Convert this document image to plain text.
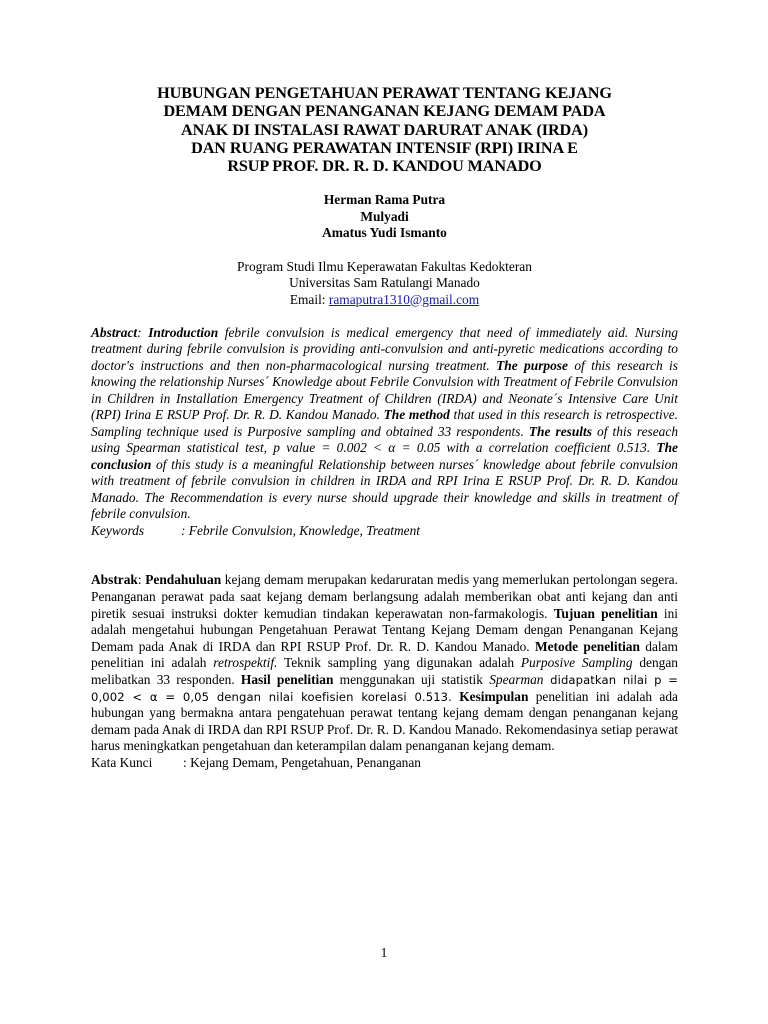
HUBUNGAN PENGETAHUAN PERAWAT TENTANG KEJANG
DEMAM DENGAN PENANGANAN KEJANG DEMAM PADA
ANAK DI INSTALASI RAWAT DARURAT ANAK (IRDA)
DAN RUANG PERAWATAN INTENSIF (RPI) IRINA E
RSUP PROF. DR. R. D. KANDOU MANADO
Herman Rama Putra
Mulyadi
Amatus Yudi Ismanto
Program Studi Ilmu Keperawatan Fakultas Kedokteran
Universitas Sam Ratulangi Manado
Email: ramaputra1310@gmail.com
Abstract: Introduction febrile convulsion is medical emergency that need of immediately aid. Nursing treatment during febrile convulsion is providing anti-convulsion and anti-pyretic medications according to doctor's instructions and then non-pharmacological nursing treatment. The purpose of this research is knowing the relationship Nurses´ Knowledge about Febrile Convulsion with Treatment of Febrile Convulsion in Children in Installation Emergency Treatment of Children (IRDA) and Neonate´s Intensive Care Unit (RPI) Irina E RSUP Prof. Dr. R. D. Kandou Manado. The method that used in this research is retrospective. Sampling technique used is Purposive sampling and obtained 33 respondents. The results of this reseach using Spearman statistical test, p value = 0.002 < α = 0.05 with a correlation coefficient 0.513. The conclusion of this study is a meaningful Relationship between nurses´ knowledge about febrile convulsion with treatment of febrile convulsion in children in IRDA and RPI Irina E RSUP Prof. Dr. R. D. Kandou Manado. The Recommendation is every nurse should upgrade their knowledge and skills in treatment of febrile convulsion.
Keywords	: Febrile Convulsion, Knowledge, Treatment
Abstrak: Pendahuluan kejang demam merupakan kedaruratan medis yang memerlukan pertolongan segera. Penanganan perawat pada saat kejang demam berlangsung adalah memberikan obat anti kejang dan anti piretik sesuai instruksi dokter kemudian tindakan keperawatan non-farmakologis. Tujuan penelitian ini adalah mengetahui hubungan Pengetahuan Perawat Tentang Kejang Demam dengan Penanganan Kejang Demam pada Anak di IRDA dan RPI RSUP Prof. Dr. R. D. Kandou Manado. Metode penelitian dalam penelitian ini adalah retrospektif. Teknik sampling yang digunakan adalah Purposive Sampling dengan melibatkan 33 responden. Hasil penelitian menggunakan uji statistik Spearman didapatkan nilai p = 0,002 < α = 0,05 dengan nilai koefisien korelasi 0.513. Kesimpulan penelitian ini adalah ada hubungan yang bermakna antara pengatehuan perawat tentang kejang demam dengan penanganan kejang demam pada Anak di IRDA dan RPI RSUP Prof. Dr. R. D. Kandou Manado. Rekomendasinya setiap perawat harus meningkatkan pengetahuan dan keterampilan dalam penanganan kejang demam.
Kata Kunci	: Kejang Demam, Pengetahuan, Penanganan
1
